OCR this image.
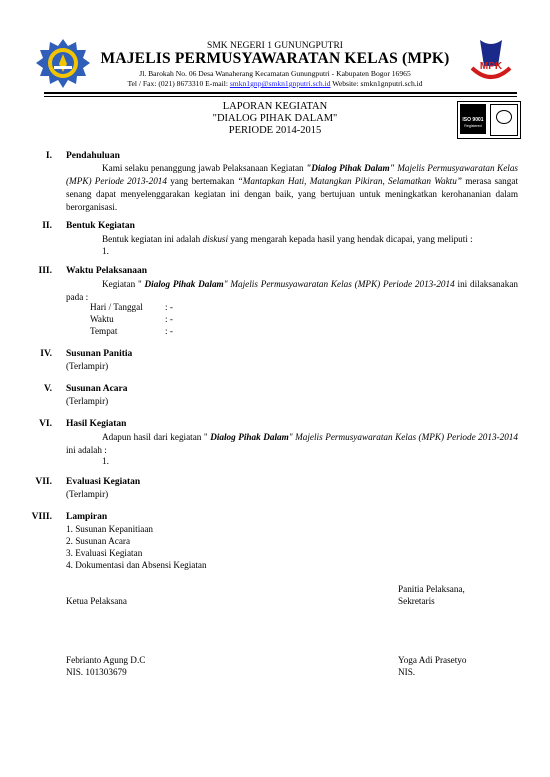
MPK
SMK NEGERI 1 GUNUNGPUTRI
MAJELIS PERMUSYAWARATAN KELAS (MPK)
Jl. Barokah No. 06 Desa Wanaherang Kecamatan Gunungputri - Kabupaten Bogor 16965
Tel / Fax: (021) 8673310 E-mail: smkn1gnp@smkn1gnputri.sch.id Website: smkn1gnputri.sch.id
ISO 9001
Registered
LAPORAN KEGIATAN
"DIALOG PIHAK DALAM"
PERIODE 2014-2015
I. Pendahuluan
Kami selaku penanggung jawab Pelaksanaan Kegiatan "Dialog Pihak Dalam" Majelis Permusyawaratan Kelas (MPK) Periode 2013-2014 yang bertemakan “Mantapkan Hati, Matangkan Pikiran, Selamatkan Waktu” merasa sangat senang dapat menyelenggarakan kegiatan ini dengan baik, yang bertujuan untuk meningkatkan kerohananian dalam berorganisasi.
II. Bentuk Kegiatan
Bentuk kegiatan ini adalah diskusi yang mengarah kepada hasil yang hendak dicapai, yang meliputi :
1.
III. Waktu Pelaksanaan
Kegiatan " Dialog Pihak Dalam" Majelis Permusyawaratan Kelas (MPK) Periode 2013-2014 ini dilaksanakan pada :
Hari / Tanggal : -
Waktu	: -
Tempat	: -
IV. Susunan Panitia
(Terlampir)
V. Susunan Acara
(Terlampir)
VI. Hasil Kegiatan
Adapun hasil dari kegiatan " Dialog Pihak Dalam" Majelis Permusyawaratan Kelas (MPK) Periode 2013-2014 ini adalah :
1.
VII. Evaluasi Kegiatan
(Terlampir)
VIII. Lampiran
1. Susunan Kepanitiaan
2. Susunan Acara
3. Evaluasi Kegiatan
4. Dokumentasi dan Absensi Kegiatan
Panitia Pelaksana,
Ketua Pelaksana	Sekretaris
Febrianto Agung D.C
NIS. 101303679
Yoga Adi Prasetyo
NIS.
